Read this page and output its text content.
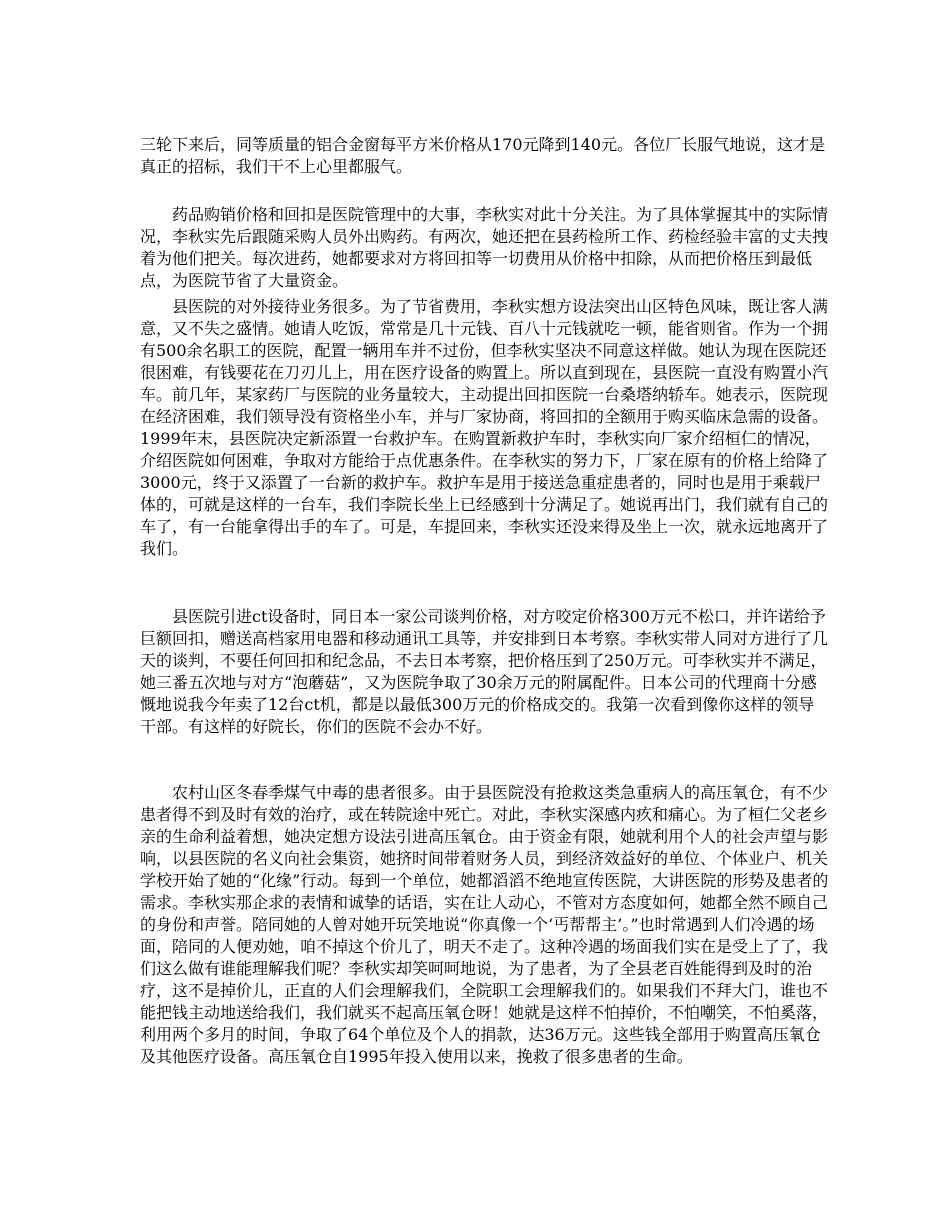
三轮下来后，同等质量的铝合金窗每平方米价格从170元降到140元。各位厂长服气地说，这才是真正的招标，我们干不上心里都服气。

药品购销价格和回扣是医院管理中的大事，李秋实对此十分关注。为了具体掌握其中的实际情况，李秋实先后跟随采购人员外出购药。有两次，她还把在县药检所工作、药检经验丰富的丈夫拽着为他们把关。每次进药，她都要求对方将回扣等一切费用从价格中扣除，从而把价格压到最低点，为医院节省了大量资金。

县医院的对外接待业务很多。为了节省费用，李秋实想方设法突出山区特色风味，既让客人满意，又不失之盛情。她请人吃饭，常常是几十元钱、百八十元钱就吃一顿，能省则省。作为一个拥有500余名职工的医院，配置一辆用车并不过份，但李秋实坚决不同意这样做。她认为现在医院还很困难，有钱要花在刀刃儿上，用在医疗设备的购置上。所以直到现在，县医院一直没有购置小汽车。前几年，某家药厂与医院的业务量较大，主动提出回扣医院一台桑塔纳轿车。她表示，医院现在经济困难，我们领导没有资格坐小车，并与厂家协商，将回扣的全额用于购买临床急需的设备。1999年末，县医院决定新添置一台救护车。在购置新救护车时，李秋实向厂家介绍桓仁的情况，介绍医院如何困难，争取对方能给于点优惠条件。在李秋实的努力下，厂家在原有的价格上给降了3000元，终于又添置了一台新的救护车。救护车是用于接送急重症患者的，同时也是用于乘载尸体的，可就是这样的一台车，我们李院长坐上已经感到十分满足了。她说再出门，我们就有自己的车了，有一台能拿得出手的车了。可是，车提回来，李秋实还没来得及坐上一次，就永远地离开了我们。

县医院引进ct设备时，同日本一家公司谈判价格，对方咬定价格300万元不松口，并许诺给予巨额回扣，赠送高档家用电器和移动通讯工具等，并安排到日本考察。李秋实带人同对方进行了几天的谈判，不要任何回扣和纪念品，不去日本考察，把价格压到了250万元。可李秋实并不满足，她三番五次地与对方“泡蘑菇”，又为医院争取了30余万元的附属配件。日本公司的代理商十分感慨地说我今年卖了12台ct机，都是以最低300万元的价格成交的。我第一次看到像你这样的领导干部。有这样的好院长，你们的医院不会办不好。

农村山区冬春季煤气中毒的患者很多。由于县医院没有抢救这类急重病人的高压氧仓，有不少患者得不到及时有效的治疗，或在转院途中死亡。对此，李秋实深感内疚和痛心。为了桓仁父老乡亲的生命利益着想，她决定想方设法引进高压氧仓。由于资金有限，她就利用个人的社会声望与影响，以县医院的名义向社会集资，她挤时间带着财务人员，到经济效益好的单位、个体业户、机关学校开始了她的“化缘”行动。每到一个单位，她都滔滔不绝地宣传医院，大讲医院的形势及患者的需求。李秋实那企求的表情和诚挚的话语，实在让人动心，不管对方态度如何，她都全然不顾自己的身份和声誉。陪同她的人曾对她开玩笑地说“你真像一个‘丐帮帮主’。”也时常遇到人们冷遇的场面，陪同的人便劝她，咱不掉这个价儿了，明天不走了。这种冷遇的场面我们实在是受上了了，我们这么做有谁能理解我们呢？李秋实却笑呵呵地说，为了患者，为了全县老百姓能得到及时的治疗，这不是掉价儿，正直的人们会理解我们，全院职工会理解我们的。如果我们不拜大门，谁也不能把钱主动地送给我们，我们就买不起高压氧仓呀！她就是这样不怕掉价，不怕嘲笑，不怕奚落，利用两个多月的时间，争取了64个单位及个人的捐款，达36万元。这些钱全部用于购置高压氧仓及其他医疗设备。高压氧仓自1995年投入使用以来，挽救了很多患者的生命。
